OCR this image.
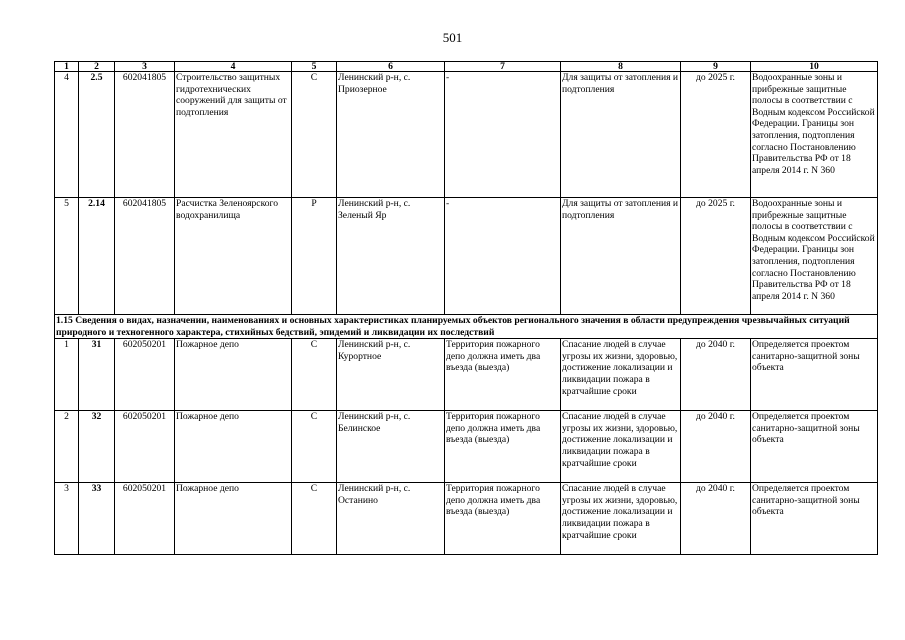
501
1	2	3	4	5	6	7	8	9	10
4	2.5	602041805	Строительство защитных гидротехнических сооружений для защиты от подтопления	С	Ленинский р-н, с. Приозерное	-	Для защиты от затопления и подтопления	до 2025 г.	Водоохранные зоны и прибрежные защитные полосы в соответствии с Водным кодексом Российской Федерации. Границы зон затопления, подтопления согласно Постановлению Правительства РФ от 18 апреля 2014 г. N 360
5	2.14	602041805	Расчистка Зеленоярского водохранилища	Р	Ленинский р-н, с. Зеленый Яр	-	Для защиты от затопления и подтопления	до 2025 г.	Водоохранные зоны и прибрежные защитные полосы в соответствии с Водным кодексом Российской Федерации. Границы зон затопления, подтопления согласно Постановлению Правительства РФ от 18 апреля 2014 г. N 360
1.15 Сведения о видах, назначении, наименованиях и основных характеристиках планируемых объектов регионального значения в области предупреждения чрезвычайных ситуаций природного и техногенного характера, стихийных бедствий, эпидемий и ликвидации их последствий									
1	31	602050201	Пожарное депо	С	Ленинский р-н, с. Курортное	Территория пожарного депо должна иметь два въезда (выезда)	Спасание людей в случае угрозы их жизни, здоровью, достижение локализации и ликвидации пожара в кратчайшие сроки	до 2040 г.	Определяется проектом санитарно-защитной зоны объекта
2	32	602050201	Пожарное депо	С	Ленинский р-н, с. Белинское	Территория пожарного депо должна иметь два въезда (выезда)	Спасание людей в случае угрозы их жизни, здоровью, достижение локализации и ликвидации пожара в кратчайшие сроки	до 2040 г.	Определяется проектом санитарно-защитной зоны объекта
3	33	602050201	Пожарное депо	С	Ленинский р-н, с. Останино	Территория пожарного депо должна иметь два въезда (выезда)	Спасание людей в случае угрозы их жизни, здоровью, достижение локализации и ликвидации пожара в кратчайшие сроки	до 2040 г.	Определяется проектом санитарно-защитной зоны объекта
